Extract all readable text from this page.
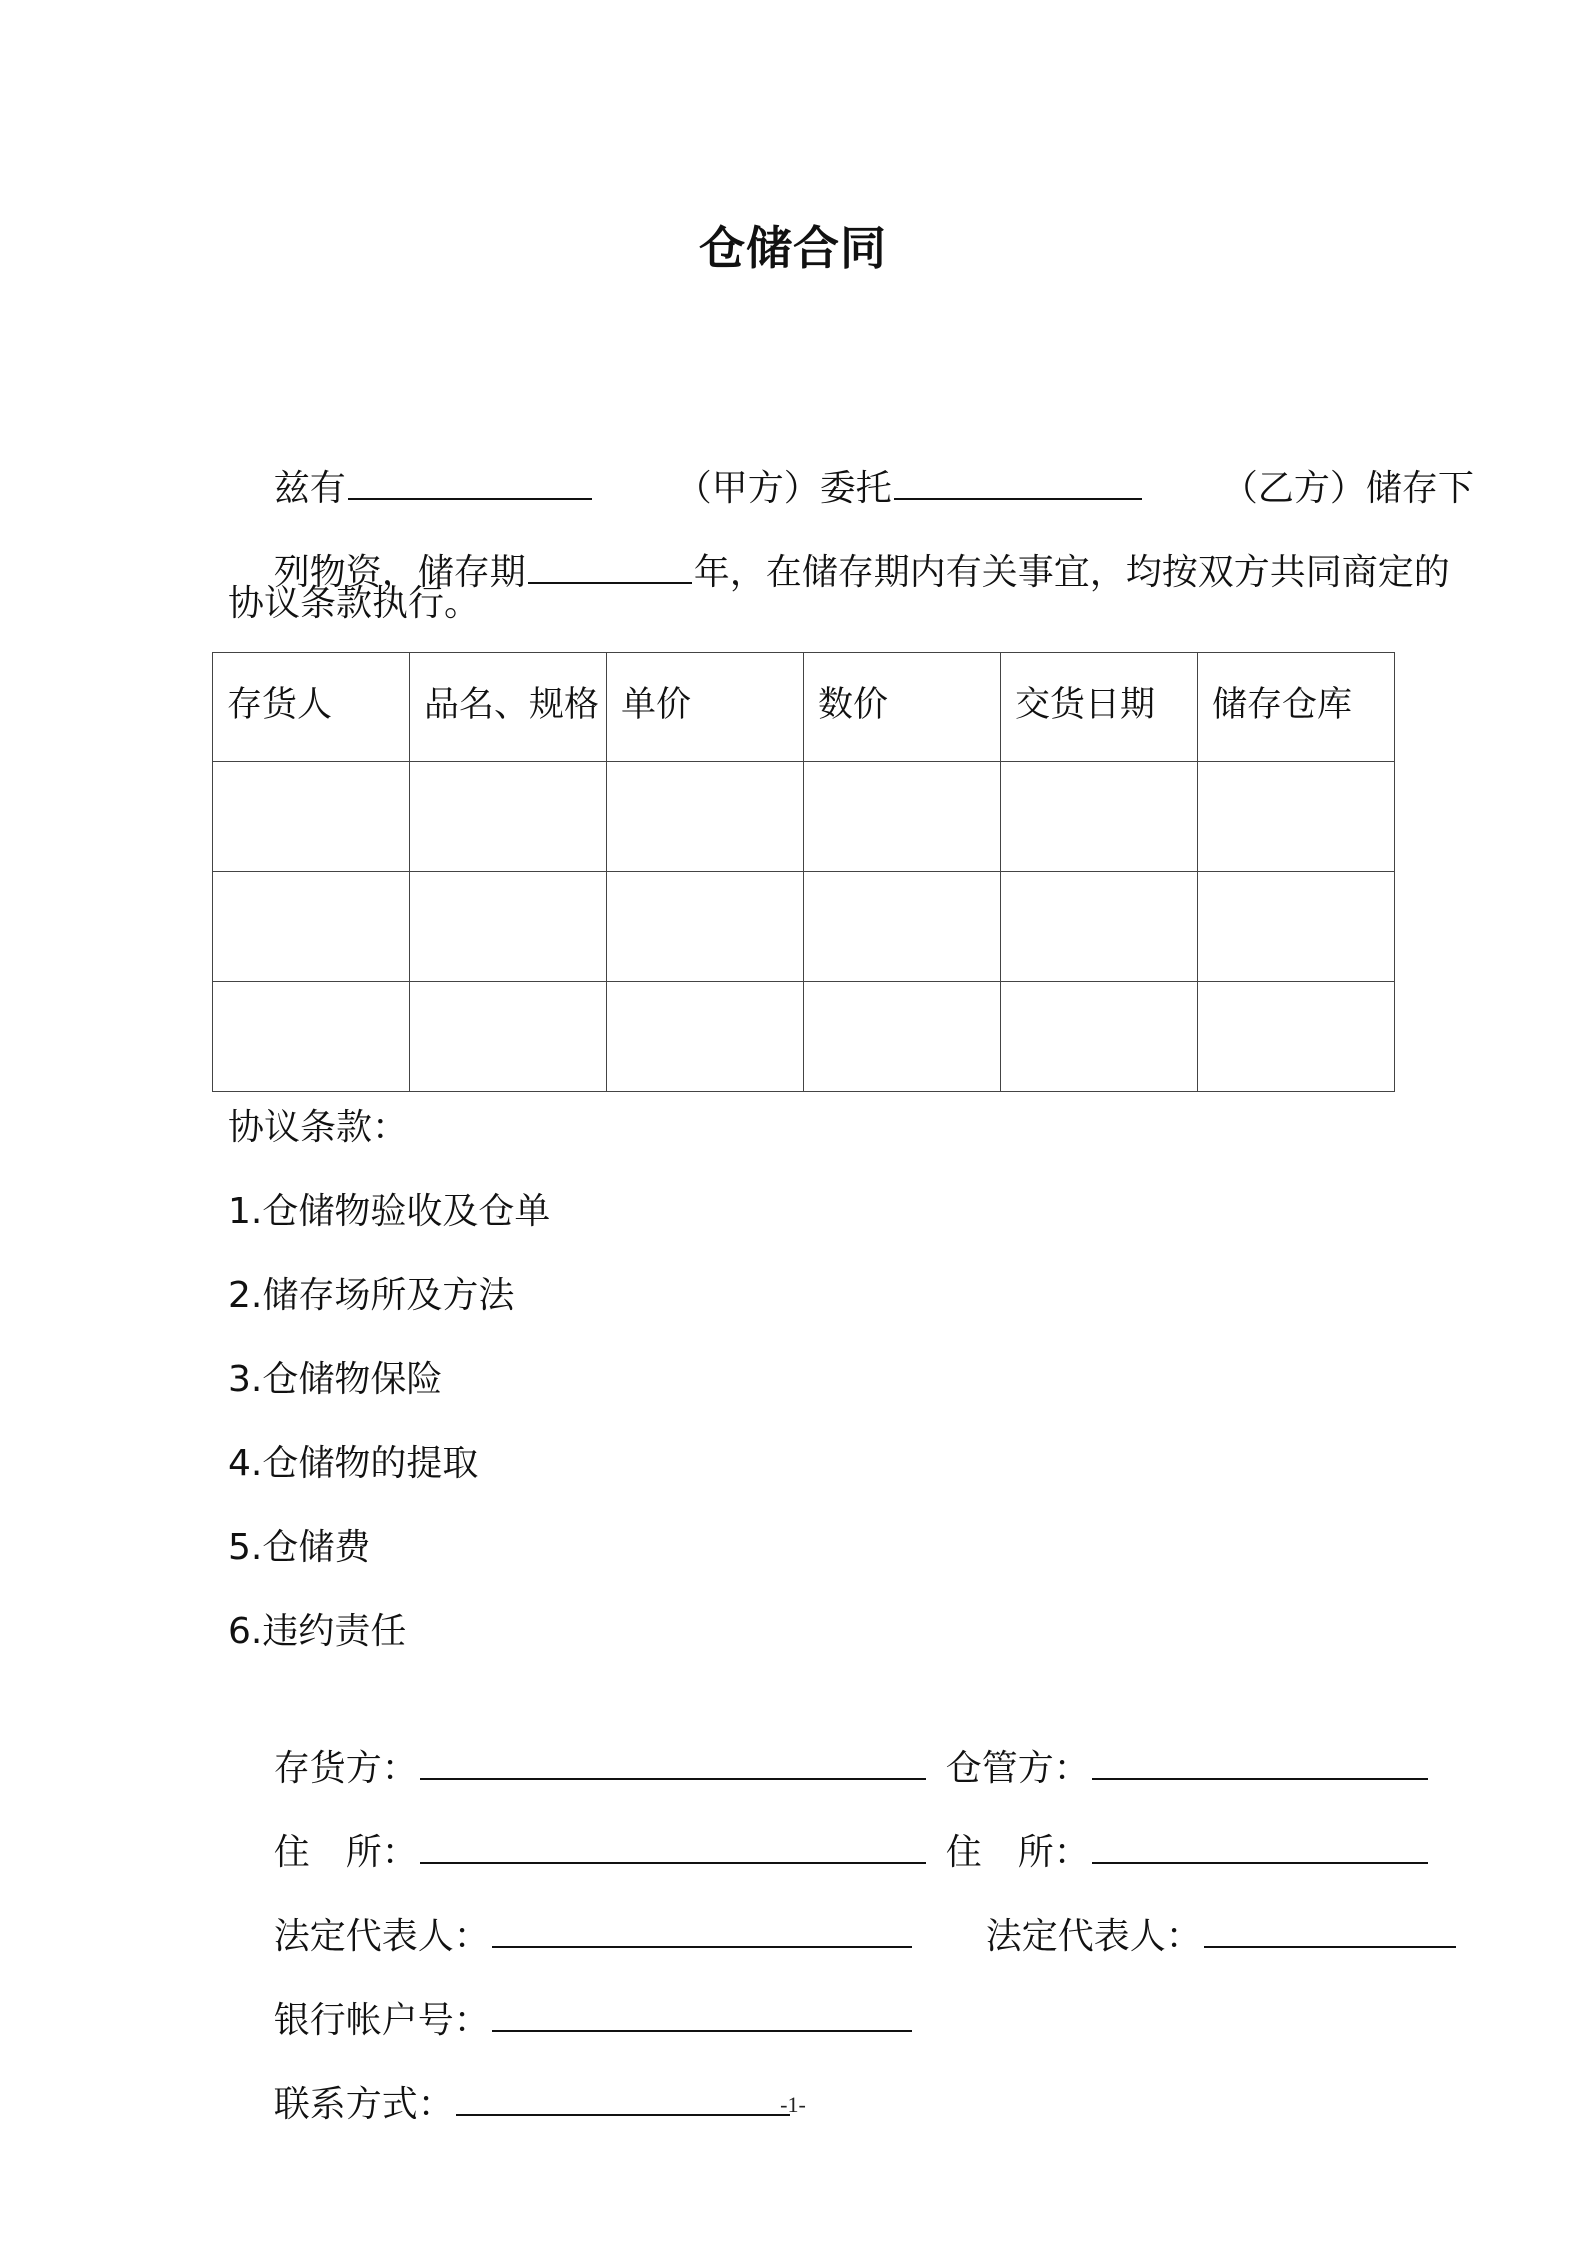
仓储合同

兹有	（甲方）委托	（乙方）储存下

列物资，储存期	年，在储存期内有关事宜，均按双方共同商定的

协议条款执行。
存货人	品名、规格	单价	数价	交货日期	储存仓库

协议条款：
1.仓储物验收及仓单
2.储存场所及方法
3.仓储物保险
4.仓储物的提取
5.仓储费
6.违约责任

存货方：	仓管方：

住　所：	住　所：

法定代表人：	法定代表人：

银行帐户号：

联系方式：
	-1-
